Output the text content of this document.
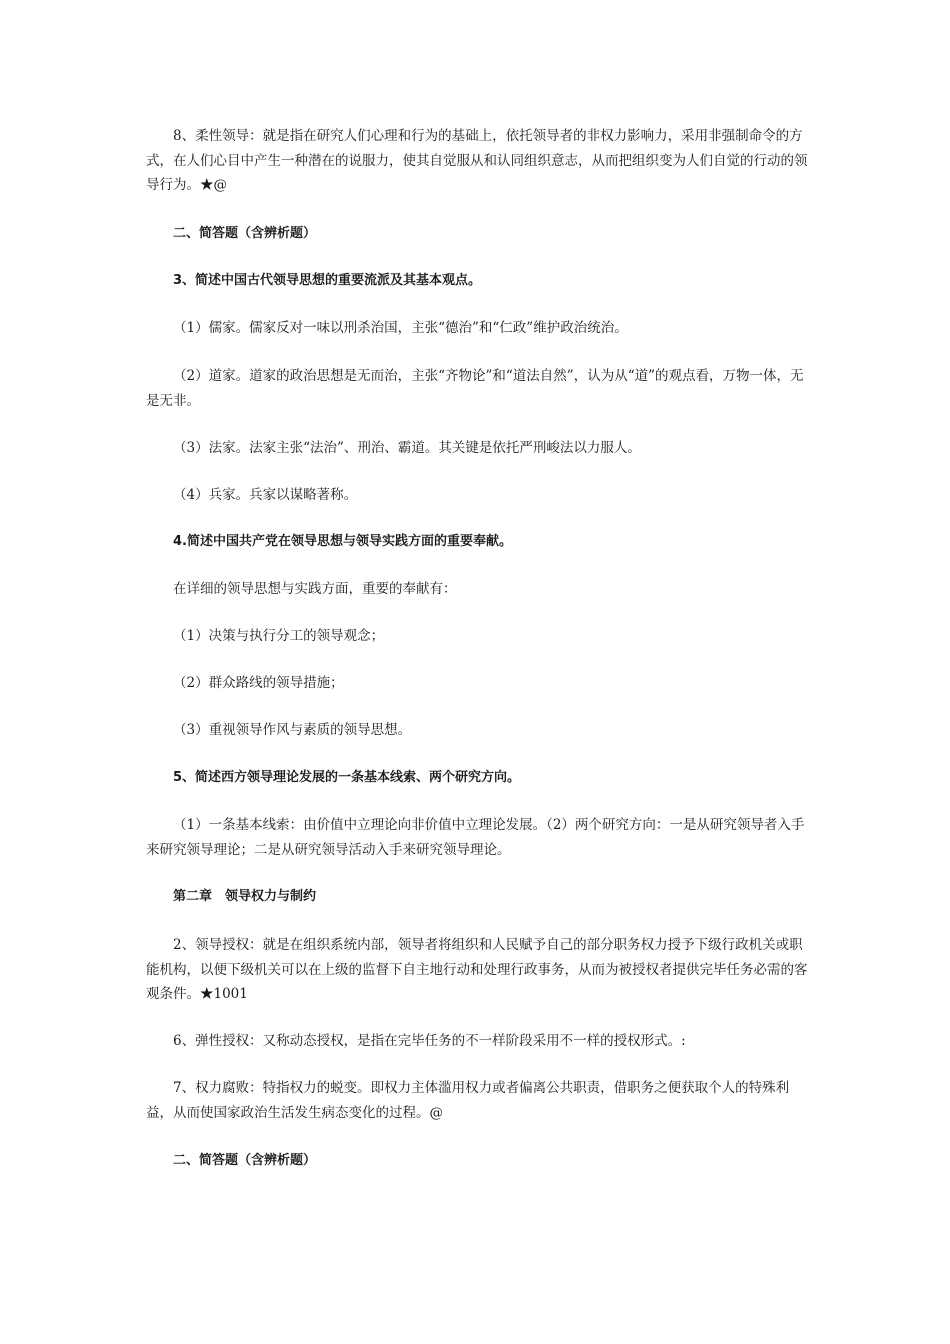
8、柔性领导：就是指在研究人们心理和行为的基础上，依托领导者的非权力影响力，采用非强制命令的方式，在人们心目中产生一种潜在的说服力，使其自觉服从和认同组织意志，从而把组织变为人们自觉的行动的领导行为。★@

二、简答题（含辨析题）

3、简述中国古代领导思想的重要流派及其基本观点。

（1）儒家。儒家反对一味以刑杀治国，主张“德治”和“仁政”维护政治统治。

（2）道家。道家的政治思想是无而治，主张“齐物论”和“道法自然”，认为从“道”的观点看，万物一体，无是无非。

（3）法家。法家主张“法治”、刑治、霸道。其关键是依托严刑峻法以力服人。

（4）兵家。兵家以谋略著称。

4.简述中国共产党在领导思想与领导实践方面的重要奉献。

在详细的领导思想与实践方面，重要的奉献有：

（1）决策与执行分工的领导观念；

（2）群众路线的领导措施；

（3）重视领导作风与素质的领导思想。

5、简述西方领导理论发展的一条基本线索、两个研究方向。

（1）一条基本线索：由价值中立理论向非价值中立理论发展。（2）两个研究方向：一是从研究领导者入手来研究领导理论；二是从研究领导活动入手来研究领导理论。

第二章　领导权力与制约

2、领导授权：就是在组织系统内部，领导者将组织和人民赋予自己的部分职务权力授予下级行政机关或职能机构，以便下级机关可以在上级的监督下自主地行动和处理行政事务，从而为被授权者提供完毕任务必需的客观条件。★1001

6、弹性授权：又称动态授权，是指在完毕任务的不一样阶段采用不一样的授权形式。:

7、权力腐败：特指权力的蜕变。即权力主体滥用权力或者偏离公共职责，借职务之便获取个人的特殊利益，从而使国家政治生活发生病态变化的过程。@

二、简答题（含辨析题）
